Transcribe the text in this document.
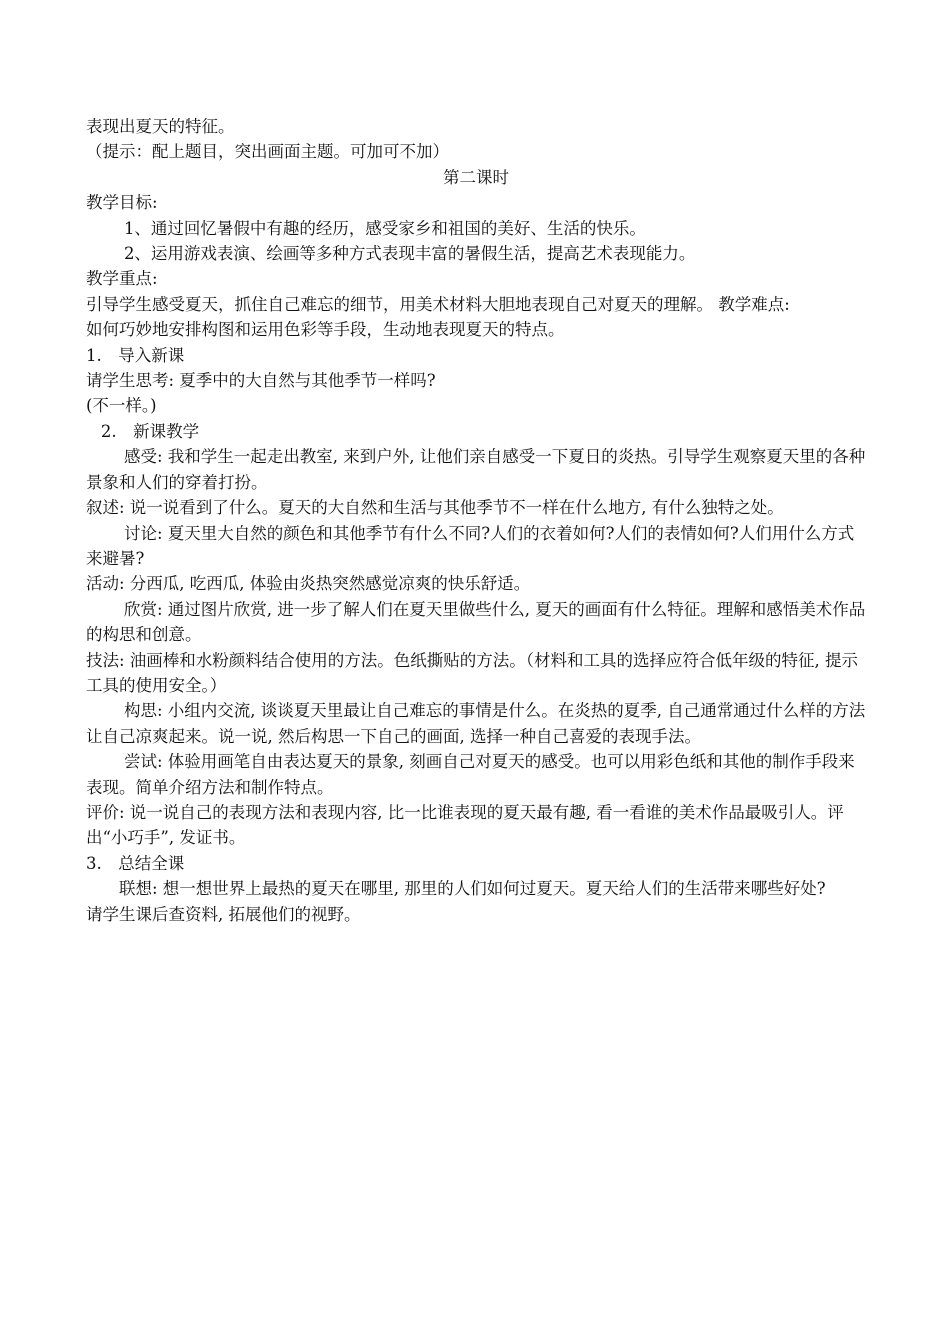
表现出夏天的特征。

（提示：配上题目，突出画面主题。可加可不加）

第二课时

教学目标:

1、通过回忆暑假中有趣的经历，感受家乡和祖国的美好、生活的快乐。

2、运用游戏表演、绘画等多种方式表现丰富的暑假生活，提高艺术表现能力。

教学重点:

引导学生感受夏天，抓住自己难忘的细节，用美术材料大胆地表现自己对夏天的理解。 教学难点:

如何巧妙地安排构图和运用色彩等手段，生动地表现夏天的特点。

1.　导入新课

请学生思考: 夏季中的大自然与其他季节一样吗?

(不一样。)

2.　新课教学

感受: 我和学生一起走出教室, 来到户外, 让他们亲自感受一下夏日的炎热。引导学生观察夏天里的各种景象和人们的穿着打扮。

叙述: 说一说看到了什么。夏天的大自然和生活与其他季节不一样在什么地方, 有什么独特之处。

讨论: 夏天里大自然的颜色和其他季节有什么不同?人们的衣着如何?人们的表情如何?人们用什么方式来避暑?

活动: 分西瓜, 吃西瓜, 体验由炎热突然感觉凉爽的快乐舒适。

欣赏: 通过图片欣赏, 进一步了解人们在夏天里做些什么, 夏天的画面有什么特征。理解和感悟美术作品的构思和创意。

技法: 油画棒和水粉颜料结合使用的方法。色纸撕贴的方法。（材料和工具的选择应符合低年级的特征, 提示工具的使用安全。）

构思: 小组内交流, 谈谈夏天里最让自己难忘的事情是什么。在炎热的夏季, 自己通常通过什么样的方法让自己凉爽起来。说一说, 然后构思一下自己的画面, 选择一种自己喜爱的表现手法。

尝试: 体验用画笔自由表达夏天的景象, 刻画自己对夏天的感受。也可以用彩色纸和其他的制作手段来表现。简单介绍方法和制作特点。

评价: 说一说自己的表现方法和表现内容, 比一比谁表现的夏天最有趣, 看一看谁的美术作品最吸引人。评出“小巧手”, 发证书。

3.　总结全课

联想: 想一想世界上最热的夏天在哪里, 那里的人们如何过夏天。夏天给人们的生活带来哪些好处?

请学生课后查资料, 拓展他们的视野。
